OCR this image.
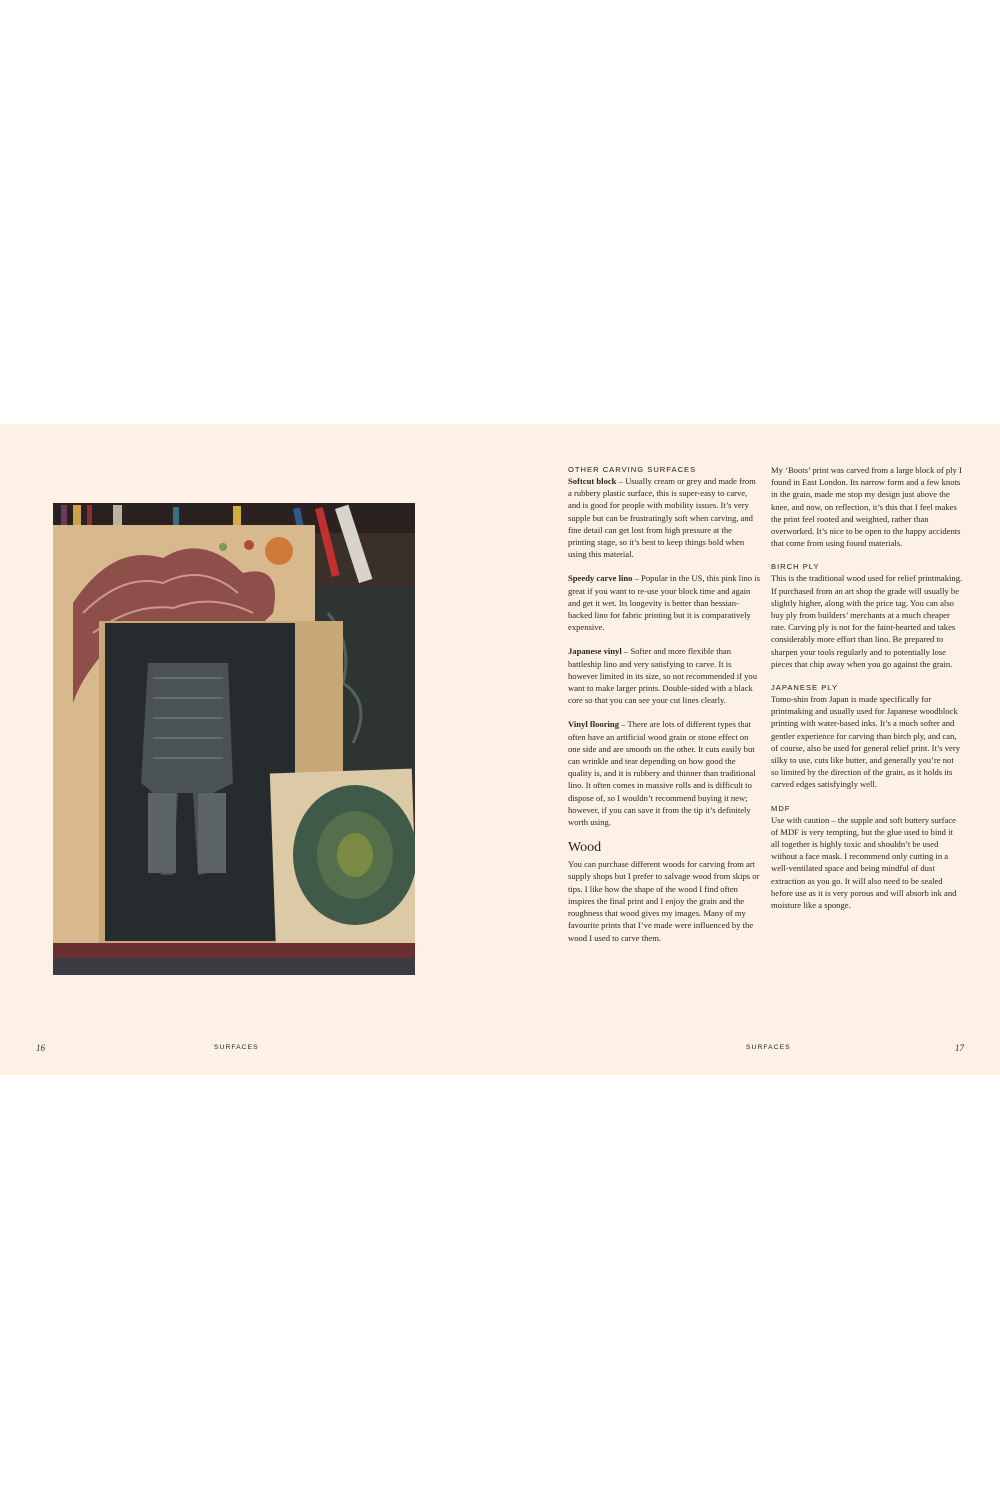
OTHER CARVING SURFACES

Softcut block – Usually cream or grey and made from a rubbery plastic surface, this is super-easy to carve, and is good for people with mobility issues. It’s very supple but can be frustratingly soft when carving, and fine detail can get lost from high pressure at the printing stage, so it’s best to keep things bold when using this material.

Speedy carve lino – Popular in the US, this pink lino is great if you want to re-use your block time and again and get it wet. Its longevity is better than hessian-backed lino for fabric printing but it is comparatively expensive.

Japanese vinyl – Softer and more flexible than battleship lino and very satisfying to carve. It is however limited in its size, so not recommended if you want to make larger prints. Double-sided with a black core so that you can see your cut lines clearly.

Vinyl flooring – There are lots of different types that often have an artificial wood grain or stone effect on one side and are smooth on the other. It cuts easily but can wrinkle and tear depending on how good the quality is, and it is rubbery and thinner than traditional lino. It often comes in massive rolls and is difficult to dispose of, so I wouldn’t recommend buying it new; however, if you can save it from the tip it’s definitely worth using.

Wood

You can purchase different woods for carving from art supply shops but I prefer to salvage wood from skips or tips. I like how the shape of the wood I find often inspires the final print and I enjoy the grain and the roughness that wood gives my images. Many of my favourite prints that I’ve made were influenced by the wood I used to carve them.

My ‘Boots’ print was carved from a large block of ply I found in East London. Its narrow form and a few knots in the grain, made me stop my design just above the knee, and now, on reflection, it’s this that I feel makes the print feel rooted and weighted, rather than overworked. It’s nice to be open to the happy accidents that come from using found materials.

BIRCH PLY

This is the traditional wood used for relief printmaking. If purchased from an art shop the grade will usually be slightly higher, along with the price tag. You can also buy ply from builders’ merchants at a much cheaper rate. Carving ply is not for the faint-hearted and takes considerably more effort than lino. Be prepared to sharpen your tools regularly and to potentially lose pieces that chip away when you go against the grain.

JAPANESE PLY

Tomo-shin from Japan is made specifically for printmaking and usually used for Japanese woodblock printing with water-based inks. It’s a much softer and gentler experience for carving than birch ply, and can, of course, also be used for general relief print. It’s very silky to use, cuts like butter, and generally you’re not so limited by the direction of the grain, as it holds its carved edges satisfyingly well.

MDF

Use with caution – the supple and soft buttery surface of MDF is very tempting, but the glue used to bind it all together is highly toxic and shouldn’t be used without a face mask. I recommend only cutting in a well-ventilated space and being mindful of dust extraction as you go. It will also need to be sealed before use as it is very porous and will absorb ink and moisture like a sponge.

16	SURFACES	SURFACES	17
